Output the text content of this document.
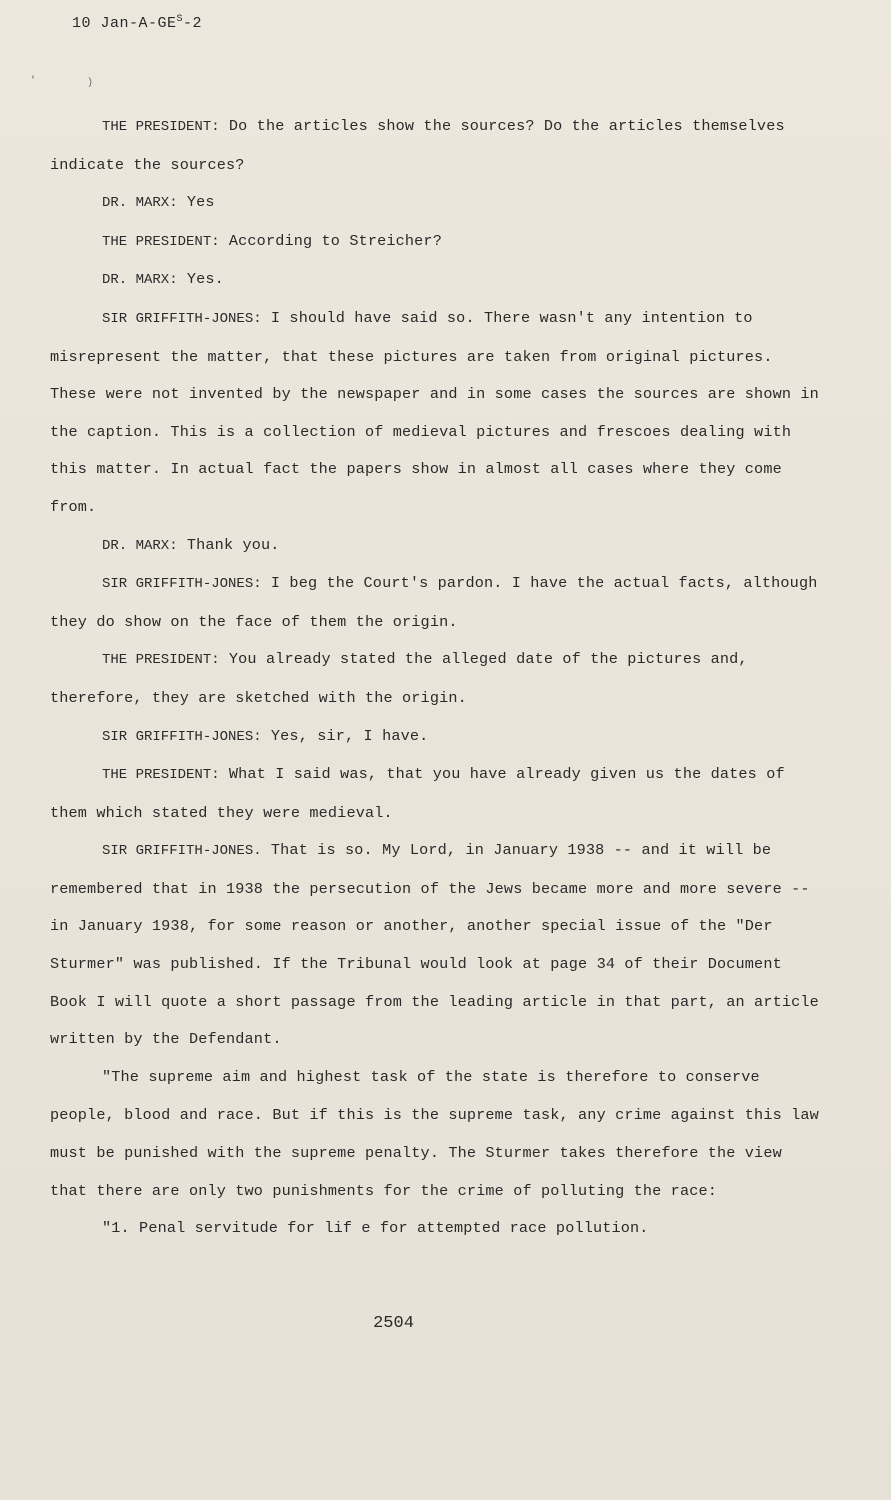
10 Jan-$A-GE^S-2$
'	)

THE PRESIDENT: Do the articles show the sources? Do the articles themselves indicate the sources?

DR. MARX: Yes

THE PRESIDENT: According to Streicher?

DR. MARX: Yes.

SIR GRIFFITH-JONES: I should have said so. There wasn't any intention to misrepresent the matter, that these pictures are taken from original pictures. These were not invented by the newspaper and in some cases the sources are shown in the caption. This is a collection of medieval pictures and frescoes dealing with this matter. In actual fact the papers show in almost all cases where they come from.

DR. MARX: Thank you.

SIR GRIFFITH-JONES: I beg the Court's pardon. I have the actual facts, although they do show on the face of them the origin.

THE PRESIDENT: You already stated the alleged date of the pictures and, therefore, they are sketched with the origin.

SIR GRIFFITH-JONES: Yes, sir, I have.

THE PRESIDENT: What I said was, that you have already given us the dates of them which stated they were medieval.

SIR GRIFFITH-JONES. That is so. My Lord, in January 1938 -- and it will be remembered that in 1938 the persecution of the Jews became more and more severe -- in January 1938, for some reason or another, another special issue of the "Der Sturmer" was published. If the Tribunal would look at page 34 of their Document Book I will quote a short passage from the leading article in that part, an article written by the Defendant.

"The supreme aim and highest task of the state is therefore to conserve people, blood and race. But if this is the supreme task, any crime against this law must be punished with the supreme penalty. The Sturmer takes therefore the view that there are only two punishments for the crime of polluting the race:

"1. Penal servitude for lif e for attempted race pollution.

2504
